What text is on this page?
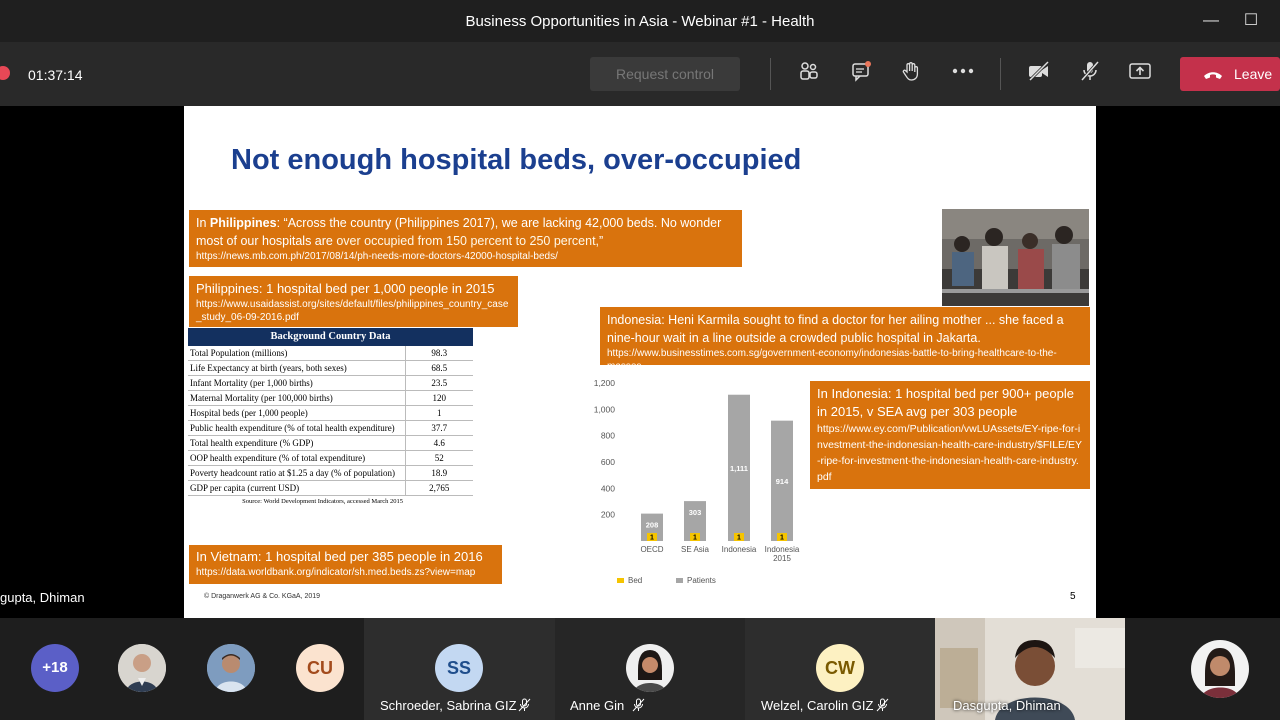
Business Opportunities in Asia - Webinar #1 - Health	—	☐
01:37:14	Request control	Leave
Not enough hospital beds, over-occupied
In Philippines: “Across the country (Philippines 2017), we are lacking 42,000 beds. No wonder most of our hospitals are over occupied from 150 percent to 250 percent,”
https://news.mb.com.ph/2017/08/14/ph-needs-more-doctors-42000-hospital-beds/
Philippines: 1 hospital bed per 1,000 people in 2015
https://www.usaidassist.org/sites/default/files/philippines_country_case_study_06-09-2016.pdf
Background Country Data
Total Population (millions)	98.3
Life Expectancy at birth (years, both sexes)	68.5
Infant Mortality (per 1,000 births)	23.5
Maternal Mortality (per 100,000 births)	120
Hospital beds (per 1,000 people)	1
Public health expenditure (% of total health expenditure)	37.7
Total health expenditure (% GDP)	4.6
OOP health expenditure (% of total expenditure)	52
Poverty headcount ratio at $1.25 a day (% of population)	18.9
GDP per capita (current USD)	2,765
Source: World Development Indicators, accessed March 2015
In Vietnam: 1 hospital bed per 385 people in 2016
https://data.worldbank.org/indicator/sh.med.beds.zs?view=map
Indonesia: Heni Karmila sought to find a doctor for her ailing mother ... she faced a nine-hour wait in a line outside a crowded public hospital in Jakarta.
https://www.businesstimes.com.sg/government-economy/indonesias-battle-to-bring-healthcare-to-the-masses
In Indonesia: 1 hospital bed per 900+ people in 2015, v SEA avg per 303 people
https://www.ey.com/Publication/vwLUAssets/EY-ripe-for-investment-the-indonesian-health-care-industry/$FILE/EY-ripe-for-investment-the-indonesian-health-care-industry.pdf
1,200
1,000
800
600
400
200
208
1
OECD
303
1
SE Asia
1,111
1
Indonesia
914
1
Indonesia
2015
Bed	Patients
© Draganwerk AG & Co. KGaA, 2019	5
gupta, Dhiman
+18	CU	SS
Schroeder, Sabrina GIZ	Anne Gin
CW
Welzel, Carolin GIZ	Dasgupta, Dhiman
